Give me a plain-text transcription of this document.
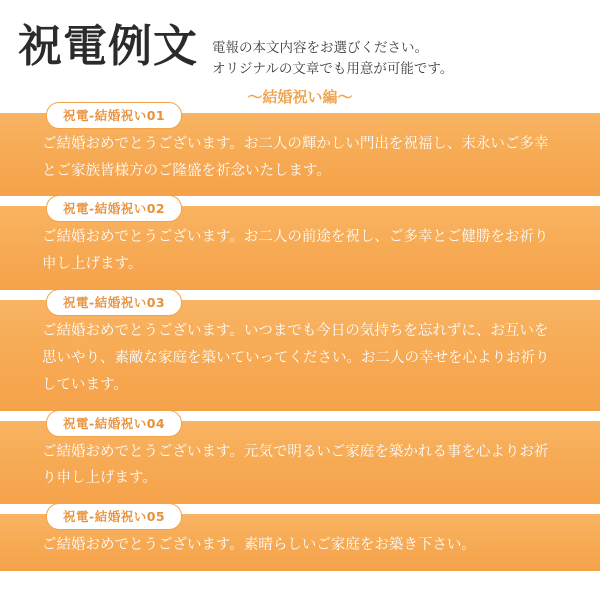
祝電例文 電報の本文内容をお選びください。
オリジナルの文章でも用意が可能です。
〜結婚祝い編〜
祝電-結婚祝い01
ご結婚おめでとうございます。お二人の輝かしい門出を祝福し、末永いご多幸とご家族皆様方のご隆盛を祈念いたします。
祝電-結婚祝い02
ご結婚おめでとうございます。お二人の前途を祝し、ご多幸とご健勝をお祈り申し上げます。
祝電-結婚祝い03
ご結婚おめでとうございます。いつまでも今日の気持ちを忘れずに、お互いを思いやり、素敵な家庭を築いていってください。お二人の幸せを心よりお祈りしています。
祝電-結婚祝い04
ご結婚おめでとうございます。元気で明るいご家庭を築かれる事を心よりお祈り申し上げます。
祝電-結婚祝い05
ご結婚おめでとうございます。素晴らしいご家庭をお築き下さい。
